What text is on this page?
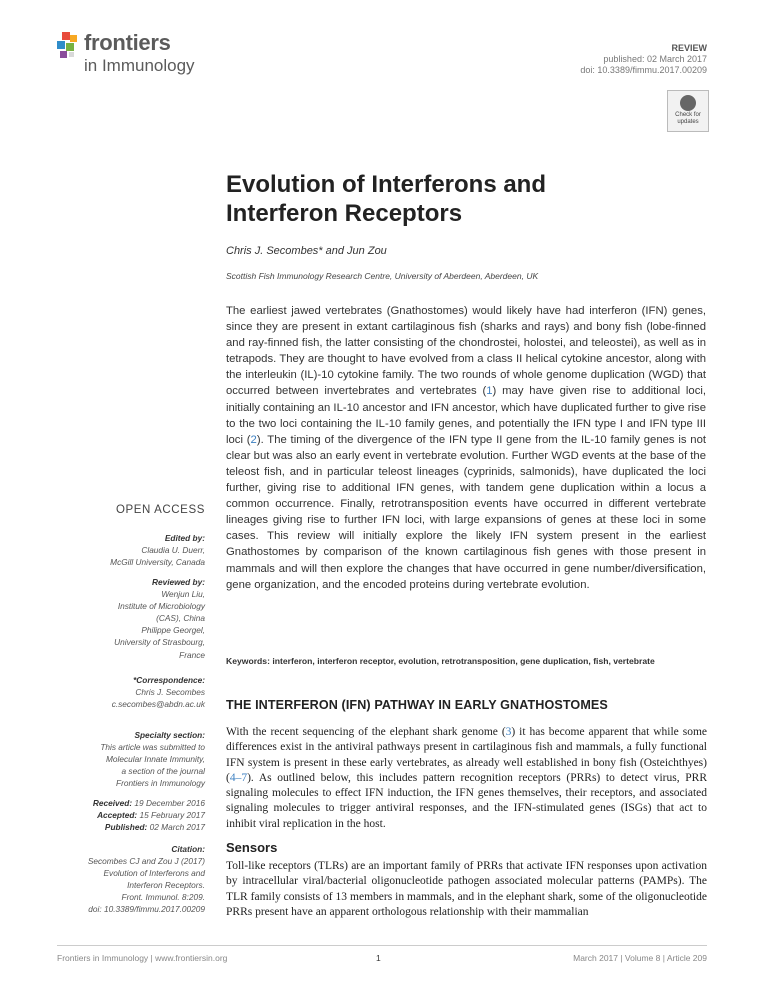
frontiers
in Immunology
REVIEW
published: 02 March 2017
doi: 10.3389/fimmu.2017.00209
Check for
updates
Evolution of Interferons and Interferon Receptors
Chris J. Secombes* and Jun Zou
Scottish Fish Immunology Research Centre, University of Aberdeen, Aberdeen, UK
The earliest jawed vertebrates (Gnathostomes) would likely have had interferon (IFN) genes, since they are present in extant cartilaginous fish (sharks and rays) and bony fish (lobe-finned and ray-finned fish, the latter consisting of the chondrostei, holostei, and teleostei), as well as in tetrapods. They are thought to have evolved from a class II helical cytokine ancestor, along with the interleukin (IL)-10 cytokine family. The two rounds of whole genome duplication (WGD) that occurred between invertebrates and vertebrates (1) may have given rise to additional loci, initially containing an IL-10 ancestor and IFN ancestor, which have duplicated further to give rise to the two loci containing the IL-10 family genes, and potentially the IFN type I and IFN type III loci (2). The timing of the divergence of the IFN type II gene from the IL-10 family genes is not clear but was also an early event in vertebrate evolution. Further WGD events at the base of the teleost fish, and in particular teleost lineages (cyprinids, salmonids), have duplicated the loci further, giving rise to additional IFN genes, with tandem gene duplication within a locus a common occurrence. Finally, retrotransposition events have occurred in different vertebrate lineages giving rise to further IFN loci, with large expansions of genes at these loci in some cases. This review will initially explore the likely IFN system present in the earliest Gnathostomes by comparison of the known cartilaginous fish genes with those present in mammals and will then explore the changes that have occurred in gene number/diversification, gene organization, and the encoded proteins during vertebrate evolution.
Keywords: interferon, interferon receptor, evolution, retrotransposition, gene duplication, fish, vertebrate
OPEN ACCESS
Edited by:
Claudia U. Duerr,
McGill University, Canada
Reviewed by:
Wenjun Liu,
Institute of Microbiology
(CAS), China
Philippe Georgel,
University of Strasbourg,
France
*Correspondence:
Chris J. Secombes
c.secombes@abdn.ac.uk
Specialty section:
This article was submitted to
Molecular Innate Immunity,
a section of the journal
Frontiers in Immunology
Received: 19 December 2016
Accepted: 15 February 2017
Published: 02 March 2017
Citation:
Secombes CJ and Zou J (2017)
Evolution of Interferons and
Interferon Receptors.
Front. Immunol. 8:209.
doi: 10.3389/fimmu.2017.00209
THE INTERFERON (IFN) PATHWAY IN EARLY GNATHOSTOMES
With the recent sequencing of the elephant shark genome (3) it has become apparent that while some differences exist in the antiviral pathways present in cartilaginous fish and mammals, a fully functional IFN system is present in these early vertebrates, as already well established in bony fish (Osteichthyes) (4–7). As outlined below, this includes pattern recognition receptors (PRRs) to detect virus, PRR signaling molecules to effect IFN induction, the IFN genes themselves, their receptors, and associated signaling molecules to trigger antiviral responses, and the IFN-stimulated genes (ISGs) that act to inhibit viral replication in the host.
Sensors
Toll-like receptors (TLRs) are an important family of PRRs that activate IFN responses upon activation by intracellular viral/bacterial oligonucleotide pathogen associated molecular patterns (PAMPs). The TLR family consists of 13 members in mammals, and in the elephant shark, some of the oligonucleotide PRRs present have an apparent orthologous relationship with their mammalian
Frontiers in Immunology | www.frontiersin.org	1	March 2017 | Volume 8 | Article 209
